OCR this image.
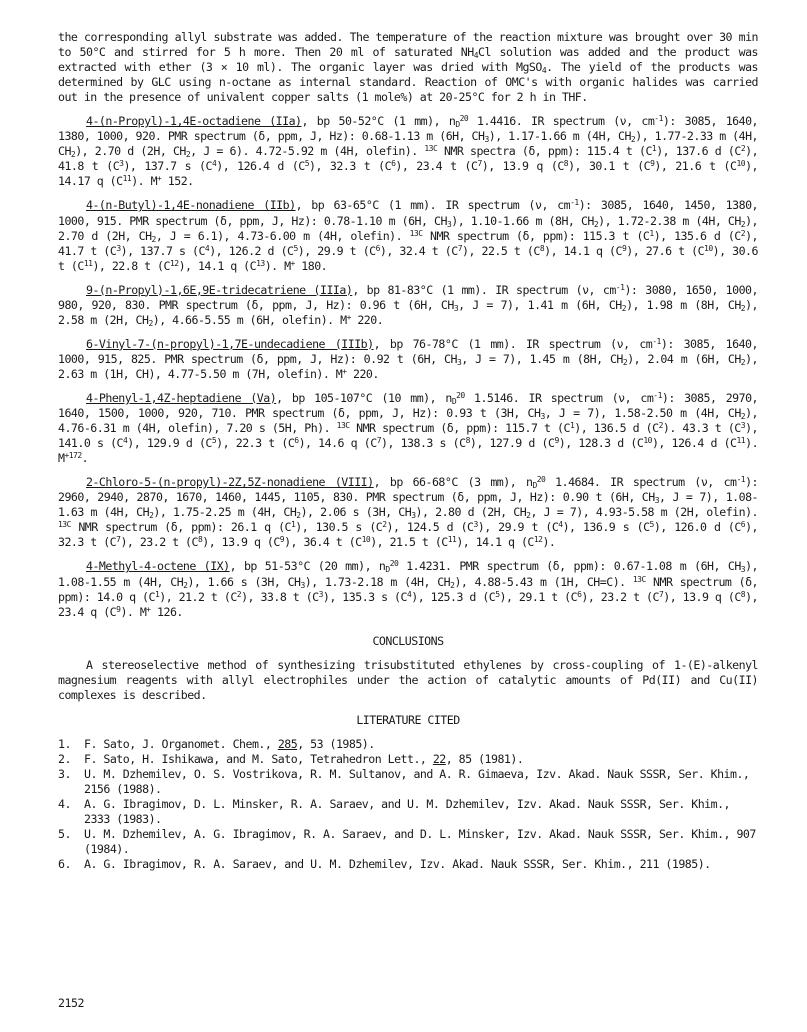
the corresponding allyl substrate was added. The temperature of the reaction mixture was brought over 30 min to 50°C and stirred for 5 h more. Then 20 ml of saturated $NH_4Cl$ solution was added and the product was extracted with ether (3 × 10 ml). The organic layer was dried with MgSO$_4$. The yield of the products was determined by GLC using n-octane as internal standard. Reaction of OMC's with organic halides was carried out in the presence of univalent copper salts (1 mole%) at 20-25°C for 2 h in THF.

4-(n-Propyl)-1,4E-octadiene (IIa), bp 50-52°C (1 mm), $n_D^{20}$ 1.4416. IR spectrum (ν, $cm^{-1}$): 3085, 1640, 1380, 1000, 920. PMR spectrum (δ, ppm, J, Hz): 0.68-1.13 m (6H, $CH_3$), 1.17-1.66 m (4H, $CH_2$), 1.77-2.33 m (4H, $CH_2$), 2.70 d (2H, $CH_2$, J = 6). 4.72-5.92 m (4H, olefin). $^{13C}$ NMR spectra (δ, ppm): 115.4 t $(C^1)$, 137.6 d $(C^2)$, 41.8 t $(C^3)$, 137.7 s $(C^4)$, 126.4 d $(C^5)$, 32.3 t $(C^6)$, 23.4 t $(C^7)$, 13.9 q $(C^8)$, 30.1 t $(C^9)$, 21.6 t $(C^{10})$, 14.17 q $(C^{11})$. M+ 152.

4-(n-Butyl)-1,4E-nonadiene (IIb), bp 63-65°C (1 mm). IR spectrum (ν, $cm^{-1}$): 3085, 1640, 1450, 1380, 1000, 915. PMR spectrum (δ, ppm, J, Hz): 0.78-1.10 m (6H, $CH_3$), 1.10-1.66 m (8H, $CH_2$), 1.72-2.38 m (4H, $CH_2$), 2.70 d (2H, $CH_2$, J = 6.1), 4.73-6.00 m (4H, olefin). $^{13C}$ NMR spectrum (δ, ppm): 115.3 t $(C^1)$, 135.6 d $(C^2)$, 41.7 t $(C^3)$, 137.7 s $(C^4)$, 126.2 d $(C^5)$, 29.9 t $(C^6)$, 32.4 t $(C^7)$, 22.5 t $(C^8)$, 14.1 q $(C^9)$, 27.6 t $(C^{10})$, 30.6 t $(C^{11})$, 22.8 t $(C^{12})$, 14.1 q $(C^{13})$. M+ 180.

9-(n-Propyl)-1,6E,9E-tridecatriene (IIIa), bp 81-83°C (1 mm). IR spectrum (ν, $cm^{-1}$): 3080, 1650, 1000, 980, 920, 830. PMR spectrum (δ, ppm, J, Hz): 0.96 t (6H, $CH_3$, J = 7), 1.41 m (6H, $CH_2$), 1.98 m (8H, $CH_2$), 2.58 m (2H, $CH_2$), 4.66-5.55 m (6H, olefin). M+ 220.

6-Vinyl-7-(n-propyl)-1,7E-undecadiene (IIIb), bp 76-78°C (1 mm). IR spectrum (ν, $cm^{-1}$): 3085, 1640, 1000, 915, 825. PMR spectrum (δ, ppm, J, Hz): 0.92 t (6H, $CH_3$, J = 7), 1.45 m (8H, $CH_2$), 2.04 m (6H, $CH_2$), 2.63 m (1H, CH), 4.77-5.50 m (7H, olefin). M+ 220.

4-Phenyl-1,4Z-heptadiene (Va), bp 105-107°C (10 mm), $n_D^{20}$ 1.5146. IR spectrum (ν, $cm^{-1}$): 3085, 2970, 1640, 1500, 1000, 920, 710. PMR spectrum (δ, ppm, J, Hz): 0.93 t (3H, $CH_3$, J = 7), 1.58-2.50 m (4H, $CH_2$), 4.76-6.31 m (4H, olefin), 7.20 s (5H, Ph). $^{13C}$ NMR spectrum (δ, ppm): 115.7 t $(C^1)$, 136.5 d $(C^2)$. 43.3 t $(C^3)$, 141.0 s $(C^4)$, 129.9 d $(C^5)$, 22.3 t $(C^6)$, 14.6 q $(C^7)$, 138.3 s $(C^8)$, 127.9 d $(C^9)$, 128.3 d $(C^{10})$, 126.4 d $(C^{11})$. $M^{+172}$.

2-Chloro-5-(n-propyl)-2Z,5Z-nonadiene (VIII), bp 66-68°C (3 mm), $n_D^{20}$ 1.4684. IR spectrum (ν, $cm^{-1}$): 2960, 2940, 2870, 1670, 1460, 1445, 1105, 830. PMR spectrum (δ, ppm, J, Hz): 0.90 t (6H, $CH_3$, J = 7), 1.08-1.63 m (4H, $CH_2$), 1.75-2.25 m (4H, $CH_2$), 2.06 s (3H, $CH_3$), 2.80 d (2H, $CH_2$, J = 7), 4.93-5.58 m (2H, olefin). $^{13C}$ NMR spectrum (δ, ppm): 26.1 q $(C^1)$, 130.5 s $(C^2)$, 124.5 d $(C^3)$, 29.9 t $(C^4)$, 136.9 s $(C^5)$, 126.0 d $(C^6)$, 32.3 t $(C^7)$, 23.2 t $(C^8)$, 13.9 q $(C^9)$, 36.4 t $(C^{10})$, 21.5 t $(C^{11})$, 14.1 q $(C^{12})$.

4-Methyl-4-octene (IX), bp 51-53°C (20 mm), $n_D^{20}$ 1.4231. PMR spectrum (δ, ppm): 0.67-1.08 m (6H, $CH_3$), 1.08-1.55 m (4H, $CH_2$), 1.66 s (3H, $CH_3$), 1.73-2.18 m (4H, $CH_2$), 4.88-5.43 m (1H, CH=C). $^{13C}$ NMR spectrum (δ, ppm): 14.0 q $(C^1)$, 21.2 t $(C^2)$, 33.8 t $(C^3)$, 135.3 s $(C^4)$, 125.3 d $(C^5)$, 29.1 t $(C^6)$, 23.2 t $(C^7)$, 13.9 q $(C^8)$, 23.4 q $(C^9)$. M+ 126.

CONCLUSIONS

A stereoselective method of synthesizing trisubstituted ethylenes by cross-coupling of 1-(E)-alkenyl magnesium reagents with allyl electrophiles under the action of catalytic amounts of Pd(II) and Cu(II) complexes is described.

LITERATURE CITED
1.	F. Sato, J. Organomet. Chem., 285, 53 (1985).
2.	F. Sato, H. Ishikawa, and M. Sato, Tetrahedron Lett., 22, 85 (1981).
3.	U. M. Dzhemilev, O. S. Vostrikova, R. M. Sultanov, and A. R. Gimaeva, Izv. Akad. Nauk SSSR, Ser. Khim., 2156 (1988).
4.	A. G. Ibragimov, D. L. Minsker, R. A. Saraev, and U. M. Dzhemilev, Izv. Akad. Nauk SSSR, Ser. Khim., 2333 (1983).
5.	U. M. Dzhemilev, A. G. Ibragimov, R. A. Saraev, and D. L. Minsker, Izv. Akad. Nauk SSSR, Ser. Khim., 907 (1984).
6.	A. G. Ibragimov, R. A. Saraev, and U. M. Dzhemilev, Izv. Akad. Nauk SSSR, Ser. Khim., 211 (1985).
2152
